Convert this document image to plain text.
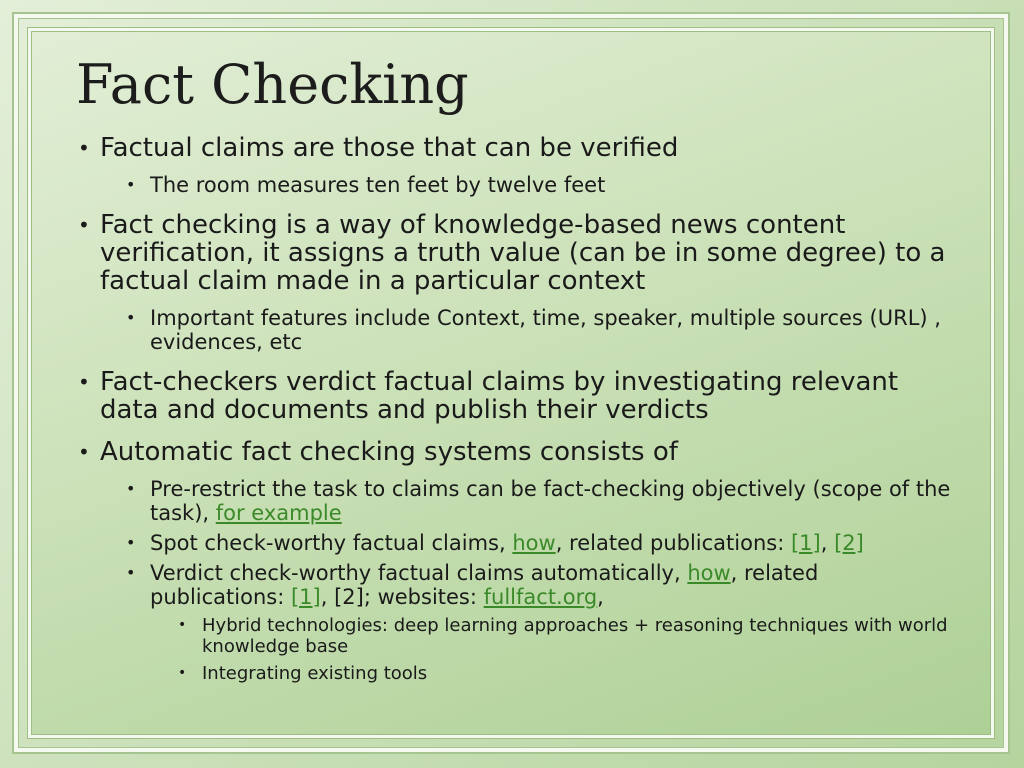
Fact Checking
• Factual claims are those that can be verified
• The room measures ten feet by twelve feet
• Fact checking is a way of knowledge-based news content verification, it assigns a truth value (can be in some degree) to a factual claim made in a particular context
• Important features include Context, time, speaker, multiple sources (URL) , evidences, etc
• Fact-checkers verdict factual claims by investigating relevant data and documents and publish their verdicts
• Automatic fact checking systems consists of
• Pre-restrict the task to claims can be fact-checking objectively (scope of the task), for example
• Spot check-worthy factual claims, how, related publications: [1], [2]
• Verdict check-worthy factual claims automatically, how, related publications: [1], [2]; websites: fullfact.org,
• Hybrid technologies: deep learning approaches + reasoning techniques with world knowledge base
• Integrating existing tools
